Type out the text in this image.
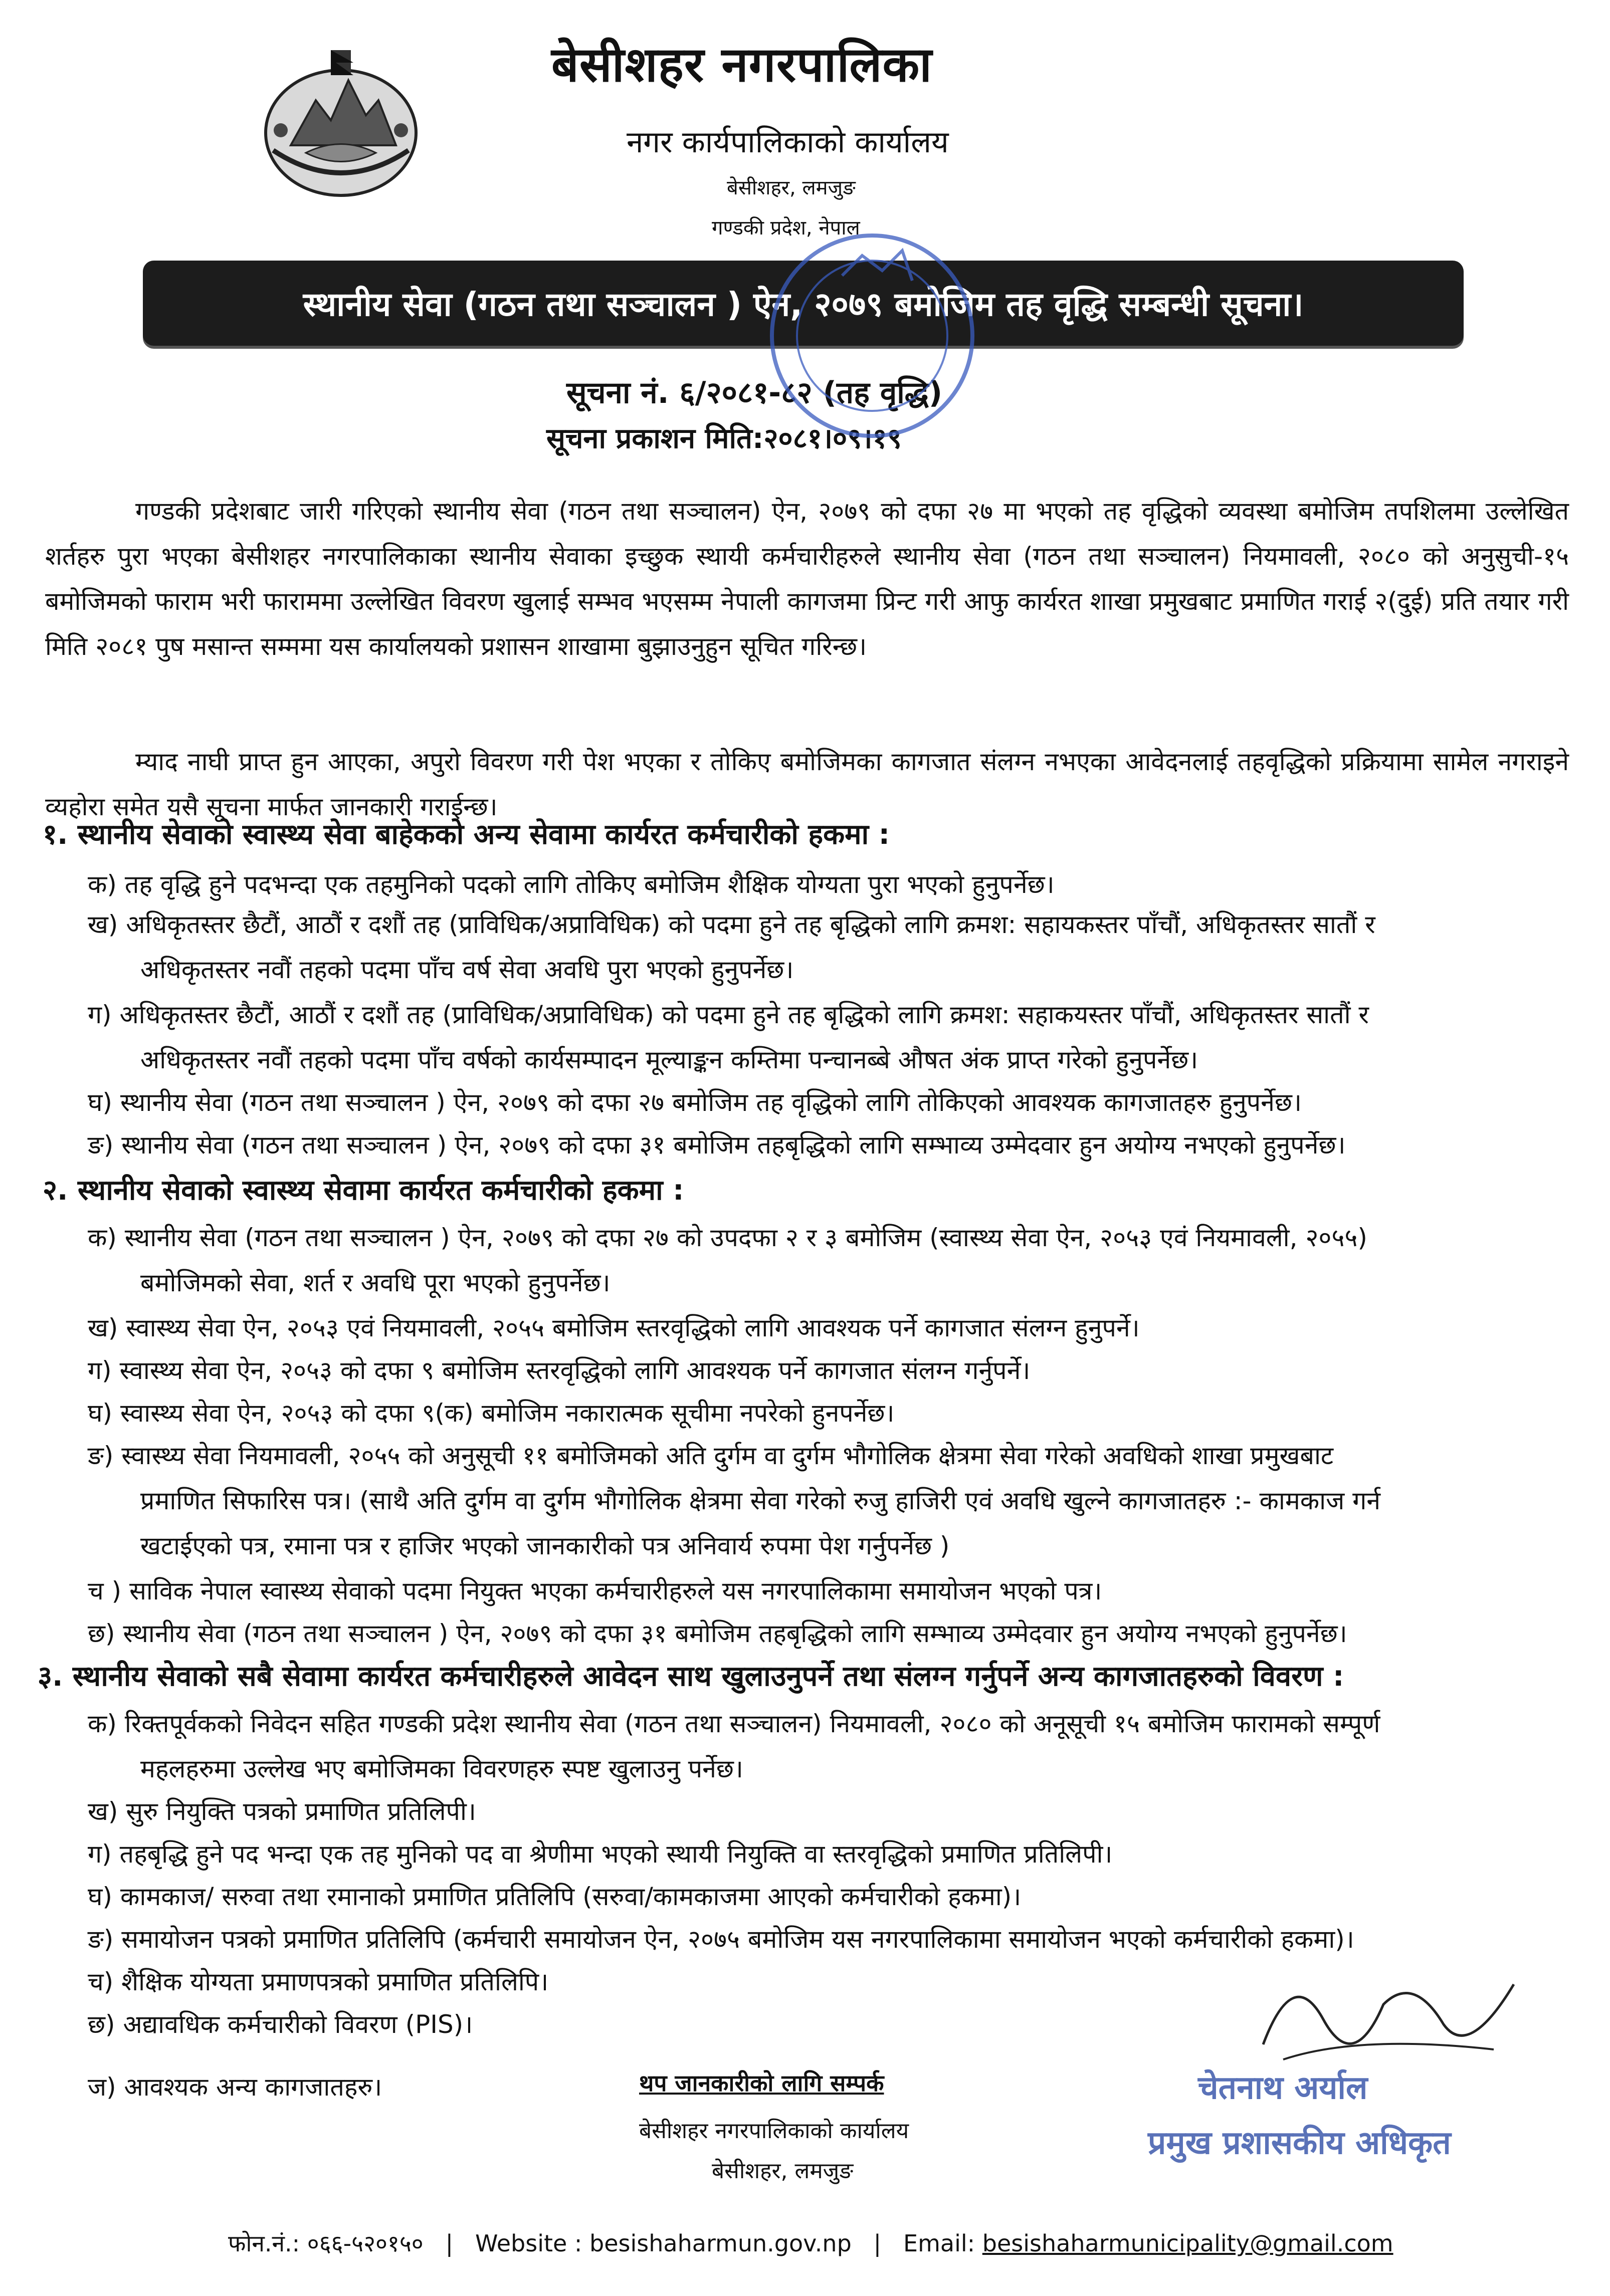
बेसीशहर नगरपालिका
नगर कार्यपालिकाको कार्यालय
बेसीशहर, लमजुङ
गण्डकी प्रदेश, नेपाल
स्थानीय सेवा (गठन तथा सञ्चालन ) ऐन, २०७९ बमोजिम तह वृद्धि सम्बन्धी सूचना।
सूचना नं. ६/२०८१-८२ (तह वृद्धि)
सूचना प्रकाशन मिति:२०८१।०९।१९
गण्डकी प्रदेशबाट जारी गरिएको स्थानीय सेवा (गठन तथा सञ्चालन) ऐन, २०७९ को दफा २७ मा भएको तह वृद्धिको व्यवस्था बमोजिम तपशिलमा उल्लेखित शर्तहरु पुरा भएका बेसीशहर नगरपालिकाका स्थानीय सेवाका इच्छुक स्थायी कर्मचारीहरुले स्थानीय सेवा (गठन तथा सञ्चालन) नियमावली, २०८० को अनुसुची-१५ बमोजिमको फाराम भरी फाराममा उल्लेखित विवरण खुलाई सम्भव भएसम्म नेपाली कागजमा प्रिन्ट गरी आफु कार्यरत शाखा प्रमुखबाट प्रमाणित गराई २(दुई) प्रति तयार गरी मिति २०८१ पुष मसान्त सम्ममा यस कार्यालयको प्रशासन शाखामा बुझाउनुहुन सूचित गरिन्छ।
म्याद नाघी प्राप्त हुन आएका, अपुरो विवरण गरी पेश भएका र तोकिए बमोजिमका कागजात संलग्न नभएका आवेदनलाई तहवृद्धिको प्रक्रियामा सामेल नगराइने व्यहोरा समेत यसै सूचना मार्फत जानकारी गराईन्छ।
१. स्थानीय सेवाको स्वास्थ्य सेवा बाहेकको अन्य सेवामा कार्यरत कर्मचारीको हकमा :
क) तह वृद्धि हुने पदभन्दा एक तहमुनिको पदको लागि तोकिए बमोजिम शैक्षिक योग्यता पुरा भएको हुनुपर्नेछ।
ख) अधिकृतस्तर छैटौं, आठौं र दशौं तह (प्राविधिक/अप्राविधिक) को पदमा हुने तह बृद्धिको लागि क्रमश: सहायकस्तर पाँचौं, अधिकृतस्तर सातौं र
अधिकृतस्तर नवौं तहको पदमा पाँच वर्ष सेवा अवधि पुरा भएको हुनुपर्नेछ।
ग) अधिकृतस्तर छैटौं, आठौं र दशौं तह (प्राविधिक/अप्राविधिक) को पदमा हुने तह बृद्धिको लागि क्रमश: सहाकयस्तर पाँचौं, अधिकृतस्तर सातौं र
अधिकृतस्तर नवौं तहको पदमा पाँच वर्षको कार्यसम्पादन मूल्याङ्कन कम्तिमा पन्चानब्बे औषत अंक प्राप्त गरेको हुनुपर्नेछ।
घ) स्थानीय सेवा (गठन तथा सञ्चालन ) ऐन, २०७९ को दफा २७ बमोजिम तह वृद्धिको लागि तोकिएको आवश्यक कागजातहरु हुनुपर्नेछ।
ङ) स्थानीय सेवा (गठन तथा सञ्चालन ) ऐन, २०७९ को दफा ३१ बमोजिम तहबृद्धिको लागि सम्भाव्य उम्मेदवार हुन अयोग्य नभएको हुनुपर्नेछ।
२. स्थानीय सेवाको स्वास्थ्य सेवामा कार्यरत कर्मचारीको हकमा :
क) स्थानीय सेवा (गठन तथा सञ्चालन ) ऐन, २०७९ को दफा २७ को उपदफा २ र ३ बमोजिम (स्वास्थ्य सेवा ऐन, २०५३ एवं नियमावली, २०५५)
बमोजिमको सेवा, शर्त र अवधि पूरा भएको हुनुपर्नेछ।
ख) स्वास्थ्य सेवा ऐन, २०५३ एवं नियमावली, २०५५ बमोजिम स्तरवृद्धिको लागि आवश्यक पर्ने कागजात संलग्न हुनुपर्ने।
ग) स्वास्थ्य सेवा ऐन, २०५३ को दफा ९ बमोजिम स्तरवृद्धिको लागि आवश्यक पर्ने कागजात संलग्न गर्नुपर्ने।
घ) स्वास्थ्य सेवा ऐन, २०५३ को दफा ९(क) बमोजिम नकारात्मक सूचीमा नपरेको हुनपर्नेछ।
ङ) स्वास्थ्य सेवा नियमावली, २०५५ को अनुसूची ११ बमोजिमको अति दुर्गम वा दुर्गम भौगोलिक क्षेत्रमा सेवा गरेको अवधिको शाखा प्रमुखबाट
प्रमाणित सिफारिस पत्र। (साथै अति दुर्गम वा दुर्गम भौगोलिक क्षेत्रमा सेवा गरेको रुजु हाजिरी एवं अवधि खुल्ने कागजातहरु :- कामकाज गर्न
खटाईएको पत्र, रमाना पत्र र हाजिर भएको जानकारीको पत्र अनिवार्य रुपमा पेश गर्नुपर्नेछ )
च ) साविक नेपाल स्वास्थ्य सेवाको पदमा नियुक्त भएका कर्मचारीहरुले यस नगरपालिकामा समायोजन भएको पत्र।
छ) स्थानीय सेवा (गठन तथा सञ्चालन ) ऐन, २०७९ को दफा ३१ बमोजिम तहबृद्धिको लागि सम्भाव्य उम्मेदवार हुन अयोग्य नभएको हुनुपर्नेछ।
३. स्थानीय सेवाको सबै सेवामा कार्यरत कर्मचारीहरुले आवेदन साथ खुलाउनुपर्ने तथा संलग्न गर्नुपर्ने अन्य कागजातहरुको विवरण :
क) रिक्तपूर्वकको निवेदन सहित गण्डकी प्रदेश स्थानीय सेवा (गठन तथा सञ्चालन) नियमावली, २०८० को अनूसूची १५ बमोजिम फारामको सम्पूर्ण
महलहरुमा उल्लेख भए बमोजिमका विवरणहरु स्पष्ट खुलाउनु पर्नेछ।
ख) सुरु नियुक्ति पत्रको प्रमाणित प्रतिलिपी।
ग) तहबृद्धि हुने पद भन्दा एक तह मुनिको पद वा श्रेणीमा भएको स्थायी नियुक्ति वा स्तरवृद्धिको प्रमाणित प्रतिलिपी।
घ) कामकाज/ सरुवा तथा रमानाको प्रमाणित प्रतिलिपि (सरुवा/कामकाजमा आएको कर्मचारीको हकमा)।
ङ) समायोजन पत्रको प्रमाणित प्रतिलिपि (कर्मचारी समायोजन ऐन, २०७५ बमोजिम यस नगरपालिकामा समायोजन भएको कर्मचारीको हकमा)।
च) शैक्षिक योग्यता प्रमाणपत्रको प्रमाणित प्रतिलिपि।
छ) अद्यावधिक कर्मचारीको विवरण (PIS)।
ज) आवश्यक अन्य कागजातहरु।	थप जानकारीको लागि सम्पर्क
बेसीशहर नगरपालिकाको कार्यालय
बेसीशहर, लमजुङ
चेतनाथ अर्याल
प्रमुख प्रशासकीय अधिकृत
फोन.नं.: ०६६-५२०१५० | Website : besishaharmun.gov.np | Email: besishaharmunicipality@gmail.com
